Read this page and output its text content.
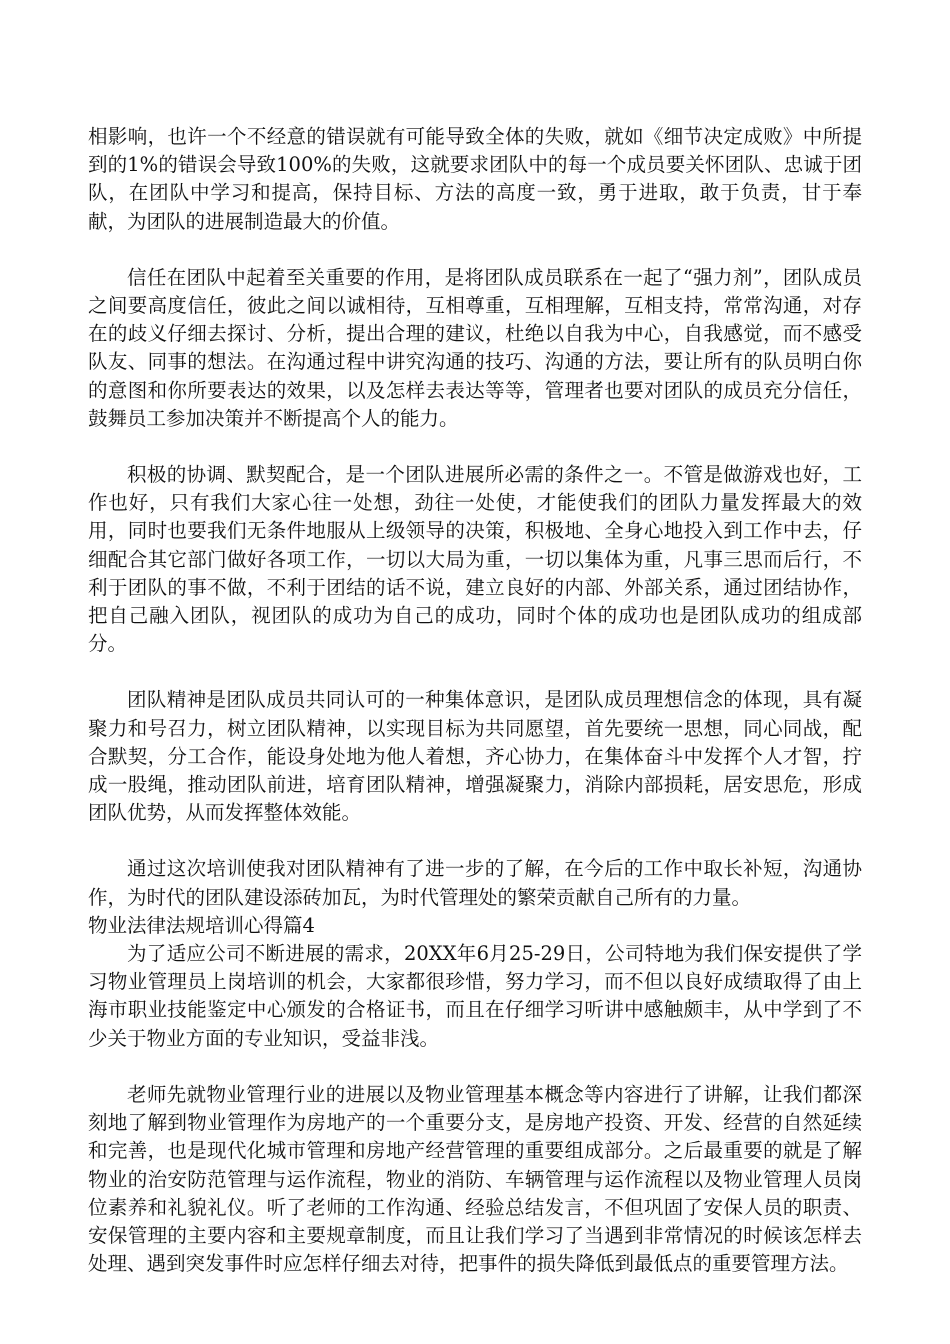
相影响，也许一个不经意的错误就有可能导致全体的失败，就如《细节决定成败》中所提到的1%的错误会导致100%的失败，这就要求团队中的每一个成员要关怀团队、忠诚于团队，在团队中学习和提高，保持目标、方法的高度一致，勇于进取，敢于负责，甘于奉献，为团队的进展制造最大的价值。

信任在团队中起着至关重要的作用，是将团队成员联系在一起了“强力剂”，团队成员之间要高度信任，彼此之间以诚相待，互相尊重，互相理解，互相支持，常常沟通，对存在的歧义仔细去探讨、分析，提出合理的建议，杜绝以自我为中心，自我感觉，而不感受队友、同事的想法。在沟通过程中讲究沟通的技巧、沟通的方法，要让所有的队员明白你的意图和你所要表达的效果，以及怎样去表达等等，管理者也要对团队的成员充分信任，鼓舞员工参加决策并不断提高个人的能力。

积极的协调、默契配合，是一个团队进展所必需的条件之一。不管是做游戏也好，工作也好，只有我们大家心往一处想，劲往一处使，才能使我们的团队力量发挥最大的效用，同时也要我们无条件地服从上级领导的决策，积极地、全身心地投入到工作中去，仔细配合其它部门做好各项工作，一切以大局为重，一切以集体为重，凡事三思而后行，不利于团队的事不做，不利于团结的话不说，建立良好的内部、外部关系，通过团结协作，把自己融入团队，视团队的成功为自己的成功，同时个体的成功也是团队成功的组成部分。

团队精神是团队成员共同认可的一种集体意识，是团队成员理想信念的体现，具有凝聚力和号召力，树立团队精神，以实现目标为共同愿望，首先要统一思想，同心同战，配合默契，分工合作，能设身处地为他人着想，齐心协力，在集体奋斗中发挥个人才智，拧成一股绳，推动团队前进，培育团队精神，增强凝聚力，消除内部损耗，居安思危，形成团队优势，从而发挥整体效能。

通过这次培训使我对团队精神有了进一步的了解，在今后的工作中取长补短，沟通协作，为时代的团队建设添砖加瓦，为时代管理处的繁荣贡献自己所有的力量。

物业法律法规培训心得篇4

为了适应公司不断进展的需求，20XX年6月25-29日，公司特地为我们保安提供了学习物业管理员上岗培训的机会，大家都很珍惜，努力学习，而不但以良好成绩取得了由上海市职业技能鉴定中心颁发的合格证书，而且在仔细学习听讲中感触颇丰，从中学到了不少关于物业方面的专业知识，受益非浅。

老师先就物业管理行业的进展以及物业管理基本概念等内容进行了讲解，让我们都深刻地了解到物业管理作为房地产的一个重要分支，是房地产投资、开发、经营的自然延续和完善，也是现代化城市管理和房地产经营管理的重要组成部分。之后最重要的就是了解物业的治安防范管理与运作流程，物业的消防、车辆管理与运作流程以及物业管理人员岗位素养和礼貌礼仪。听了老师的工作沟通、经验总结发言，不但巩固了安保人员的职责、安保管理的主要内容和主要规章制度，而且让我们学习了当遇到非常情况的时候该怎样去处理、遇到突发事件时应怎样仔细去对待，把事件的损失降低到最低点的重要管理方法。
